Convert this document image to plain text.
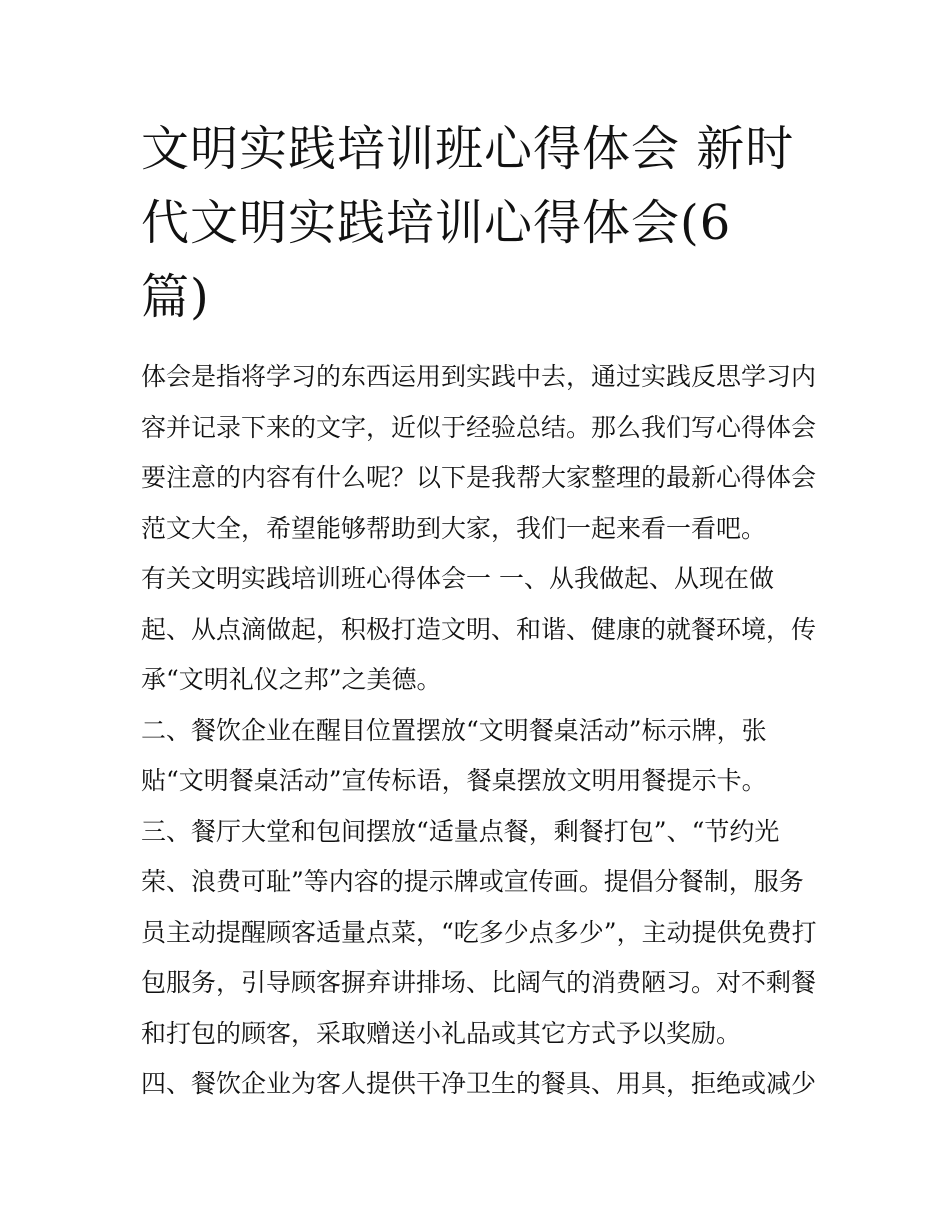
文明实践培训班心得体会 新时
代文明实践培训心得体会(6
篇)

体会是指将学习的东西运用到实践中去，通过实践反思学习内
容并记录下来的文字，近似于经验总结。那么我们写心得体会
要注意的内容有什么呢？以下是我帮大家整理的最新心得体会
范文大全，希望能够帮助到大家，我们一起来看一看吧。

有关文明实践培训班心得体会一 一、从我做起、从现在做
起、从点滴做起，积极打造文明、和谐、健康的就餐环境，传
承“文明礼仪之邦”之美德。

二、餐饮企业在醒目位置摆放“文明餐桌活动”标示牌，张
贴“文明餐桌活动”宣传标语，餐桌摆放文明用餐提示卡。

三、餐厅大堂和包间摆放“适量点餐，剩餐打包”、“节约光
荣、浪费可耻”等内容的提示牌或宣传画。提倡分餐制，服务
员主动提醒顾客适量点菜，“吃多少点多少”，主动提供免费打
包服务，引导顾客摒弃讲排场、比阔气的消费陋习。对不剩餐
和打包的顾客，采取赠送小礼品或其它方式予以奖励。

四、餐饮企业为客人提供干净卫生的餐具、用具，拒绝或减少
